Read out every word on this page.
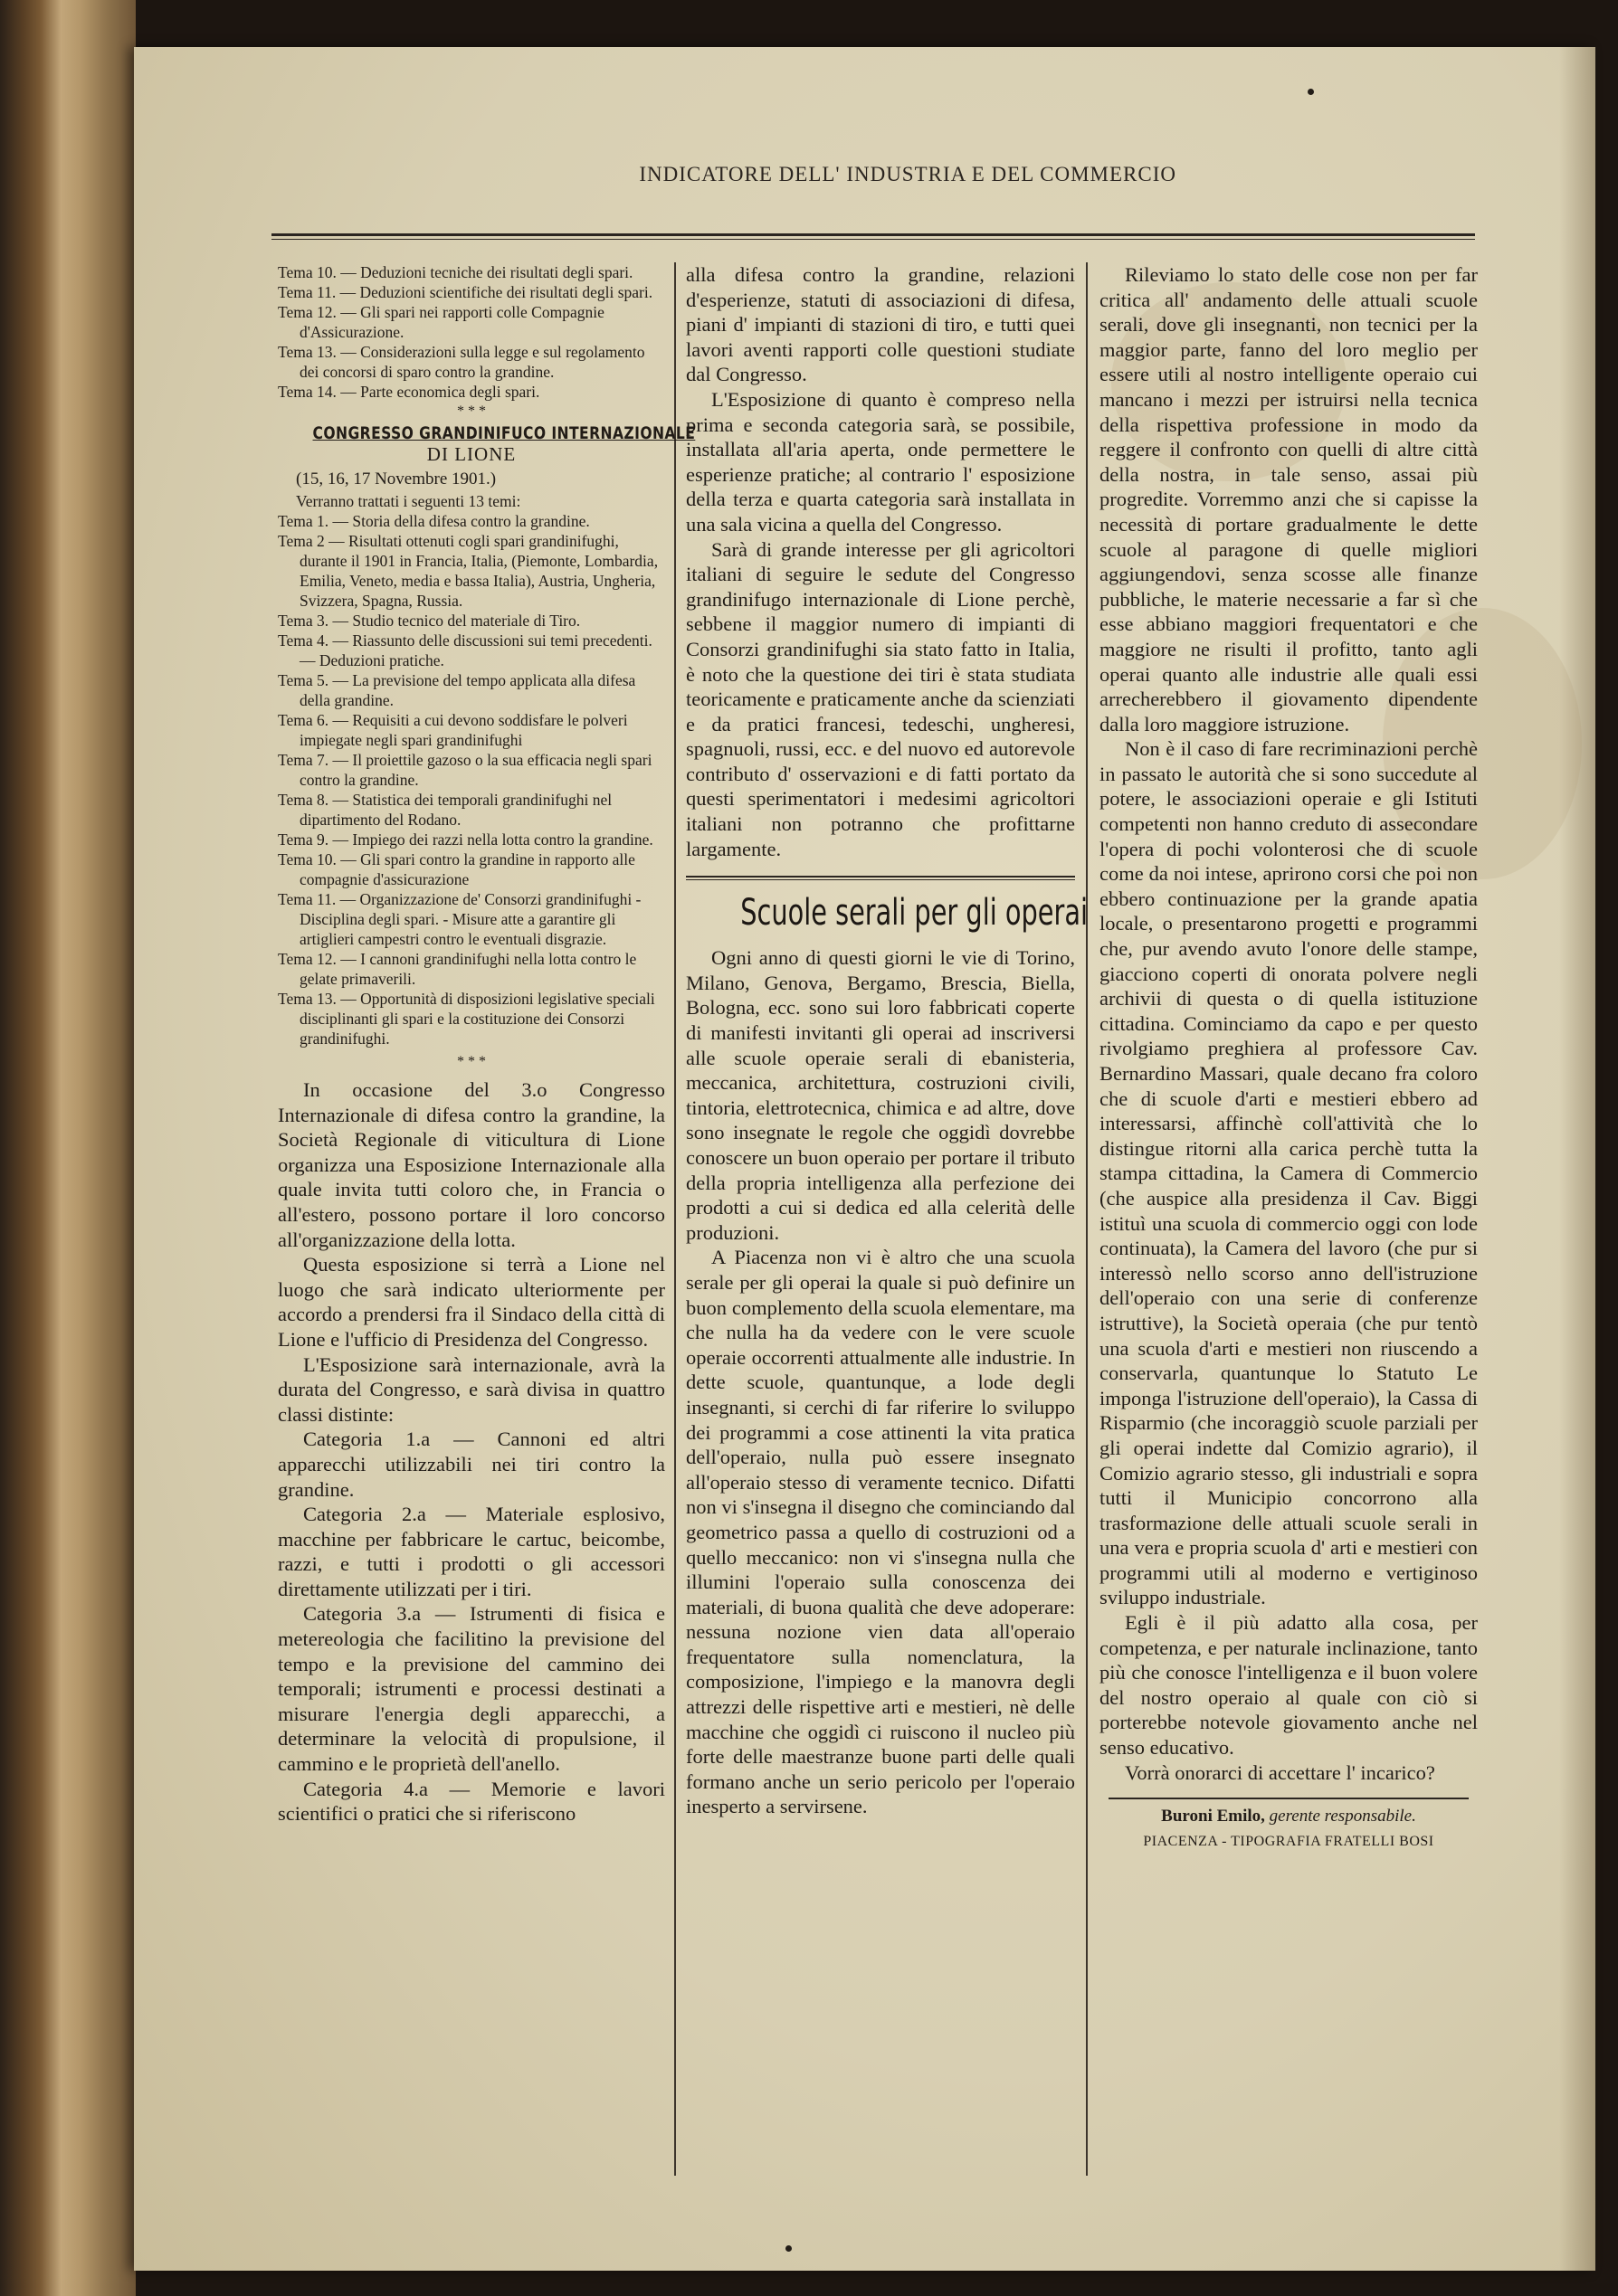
INDICATORE DELL' INDUSTRIA E DEL COMMERCIO

Tema 10. — Deduzioni tecniche dei risultati degli spari.

Tema 11. — Deduzioni scientifiche dei risultati degli spari.

Tema 12. — Gli spari nei rapporti colle Compagnie d'Assicurazione.

Tema 13. — Considerazioni sulla legge e sul regolamento dei concorsi di sparo contro la grandine.

Tema 14. — Parte economica degli spari.

* * *
CONGRESSO GRANDINIFUCO INTERNAZIONALE
DI LIONE
(15, 16, 17 Novembre 1901.)

Verranno trattati i seguenti 13 temi:

Tema 1. — Storia della difesa contro la grandine.

Tema 2 — Risultati ottenuti cogli spari grandinifughi, durante il 1901 in Francia, Italia, (Piemonte, Lombardia, Emilia, Veneto, media e bassa Italia), Austria, Ungheria, Svizzera, Spagna, Russia.

Tema 3. — Studio tecnico del materiale di Tiro.

Tema 4. — Riassunto delle discussioni sui temi precedenti. — Deduzioni pratiche.

Tema 5. — La previsione del tempo applicata alla difesa della grandine.

Tema 6. — Requisiti a cui devono soddisfare le polveri impiegate negli spari grandinifughi

Tema 7. — Il proiettile gazoso o la sua efficacia negli spari contro la grandine.

Tema 8. — Statistica dei temporali grandinifughi nel dipartimento del Rodano.

Tema 9. — Impiego dei razzi nella lotta contro la grandine.

Tema 10. — Gli spari contro la grandine in rapporto alle compagnie d'assicurazione

Tema 11. — Organizzazione de' Consorzi grandinifughi - Disciplina degli spari. - Misure atte a garantire gli artiglieri campestri contro le eventuali disgrazie.

Tema 12. — I cannoni grandinifughi nella lotta contro le gelate primaverili.

Tema 13. — Opportunità di disposizioni legislative speciali disciplinanti gli spari e la costituzione dei Consorzi grandinifughi.

* * *

In occasione del 3.o Congresso Internazionale di difesa contro la grandine, la Società Regionale di viticultura di Lione organizza una Esposizione Internazionale alla quale invita tutti coloro che, in Francia o all'estero, possono portare il loro concorso all'organizzazione della lotta.

Questa esposizione si terrà a Lione nel luogo che sarà indicato ulteriormente per accordo a prendersi fra il Sindaco della città di Lione e l'ufficio di Presidenza del Congresso.

L'Esposizione sarà internazionale, avrà la durata del Congresso, e sarà divisa in quattro classi distinte:

Categoria 1.a — Cannoni ed altri apparecchi utilizzabili nei tiri contro la grandine.

Categoria 2.a — Materiale esplosivo, macchine per fabbricare le cartuc, beicombe, razzi, e tutti i prodotti o gli accessori direttamente utilizzati per i tiri.

Categoria 3.a — Istrumenti di fisica e metereologia che facilitino la previsione del tempo e la previsione del cammino dei temporali; istrumenti e processi destinati a misurare l'energia degli apparecchi, a determinare la velocità di propulsione, il cammino e le proprietà dell'anello.

Categoria 4.a — Memorie e lavori scientifici o pratici che si riferiscono

alla difesa contro la grandine, relazioni d'esperienze, statuti di associazioni di difesa, piani d' impianti di stazioni di tiro, e tutti quei lavori aventi rapporti colle questioni studiate dal Congresso.

L'Esposizione di quanto è compreso nella prima e seconda categoria sarà, se possibile, installata all'aria aperta, onde permettere le esperienze pratiche; al contrario l' esposizione della terza e quarta categoria sarà installata in una sala vicina a quella del Congresso.

Sarà di grande interesse per gli agricoltori italiani di seguire le sedute del Congresso grandinifugo internazionale di Lione perchè, sebbene il maggior numero di impianti di Consorzi grandinifughi sia stato fatto in Italia, è noto che la questione dei tiri è stata studiata teoricamente e praticamente anche da scienziati e da pratici francesi, tedeschi, ungheresi, spagnuoli, russi, ecc. e del nuovo ed autorevole contributo d' osservazioni e di fatti portato da questi sperimentatori i medesimi agricoltori italiani non potranno che profittarne largamente.

Scuole serali per gli operai

Ogni anno di questi giorni le vie di Torino, Milano, Genova, Bergamo, Brescia, Biella, Bologna, ecc. sono sui loro fabbricati coperte di manifesti invitanti gli operai ad inscriversi alle scuole operaie serali di ebanisteria, meccanica, architettura, costruzioni civili, tintoria, elettrotecnica, chimica e ad altre, dove sono insegnate le regole che oggidì dovrebbe conoscere un buon operaio per portare il tributo della propria intelligenza alla perfezione dei prodotti a cui si dedica ed alla celerità delle produzioni.

A Piacenza non vi è altro che una scuola serale per gli operai la quale si può definire un buon complemento della scuola elementare, ma che nulla ha da vedere con le vere scuole operaie occorrenti attualmente alle industrie. In dette scuole, quantunque, a lode degli insegnanti, si cerchi di far riferire lo sviluppo dei programmi a cose attinenti la vita pratica dell'operaio, nulla può essere insegnato all'operaio stesso di veramente tecnico. Difatti non vi s'insegna il disegno che cominciando dal geometrico passa a quello di costruzioni od a quello meccanico: non vi s'insegna nulla che illumini l'operaio sulla conoscenza dei materiali, di buona qualità che deve adoperare: nessuna nozione vien data all'operaio frequentatore sulla nomenclatura, la composizione, l'impiego e la manovra degli attrezzi delle rispettive arti e mestieri, nè delle macchine che oggidì ci ruiscono il nucleo più forte delle maestranze buone parti delle quali formano anche un serio pericolo per l'operaio inesperto a servirsene.

Rileviamo lo stato delle cose non per far critica all' andamento delle attuali scuole serali, dove gli insegnanti, non tecnici per la maggior parte, fanno del loro meglio per essere utili al nostro intelligente operaio cui mancano i mezzi per istruirsi nella tecnica della rispettiva professione in modo da reggere il confronto con quelli di altre città della nostra, in tale senso, assai più progredite. Vorremmo anzi che si capisse la necessità di portare gradualmente le dette scuole al paragone di quelle migliori aggiungendovi, senza scosse alle finanze pubbliche, le materie necessarie a far sì che esse abbiano maggiori frequentatori e che maggiore ne risulti il profitto, tanto agli operai quanto alle industrie alle quali essi arrecherebbero il giovamento dipendente dalla loro maggiore istruzione.

Non è il caso di fare recriminazioni perchè in passato le autorità che si sono succedute al potere, le associazioni operaie e gli Istituti competenti non hanno creduto di assecondare l'opera di pochi volonterosi che di scuole come da noi intese, aprirono corsi che poi non ebbero continuazione per la grande apatia locale, o presentarono progetti e programmi che, pur avendo avuto l'onore delle stampe, giacciono coperti di onorata polvere negli archivii di questa o di quella istituzione cittadina. Cominciamo da capo e per questo rivolgiamo preghiera al professore Cav. Bernardino Massari, quale decano fra coloro che di scuole d'arti e mestieri ebbero ad interessarsi, affinchè coll'attività che lo distingue ritorni alla carica perchè tutta la stampa cittadina, la Camera di Commercio (che auspice alla presidenza il Cav. Biggi istituì una scuola di commercio oggi con lode continuata), la Camera del lavoro (che pur si interessò nello scorso anno dell'istruzione dell'operaio con una serie di conferenze istruttive), la Società operaia (che pur tentò una scuola d'arti e mestieri non riuscendo a conservarla, quantunque lo Statuto Le imponga l'istruzione dell'operaio), la Cassa di Risparmio (che incoraggiò scuole parziali per gli operai indette dal Comizio agrario), il Comizio agrario stesso, gli industriali e sopra tutti il Municipio concorrono alla trasformazione delle attuali scuole serali in una vera e propria scuola d' arti e mestieri con programmi utili al moderno e vertiginoso sviluppo industriale.

Egli è il più adatto alla cosa, per competenza, e per naturale inclinazione, tanto più che conosce l'intelligenza e il buon volere del nostro operaio al quale con ciò si porterebbe notevole giovamento anche nel senso educativo.

Vorrà onorarci di accettare l' incarico?

Buroni Emilo, gerente responsabile.
PIACENZA - TIPOGRAFIA FRATELLI BOSI
